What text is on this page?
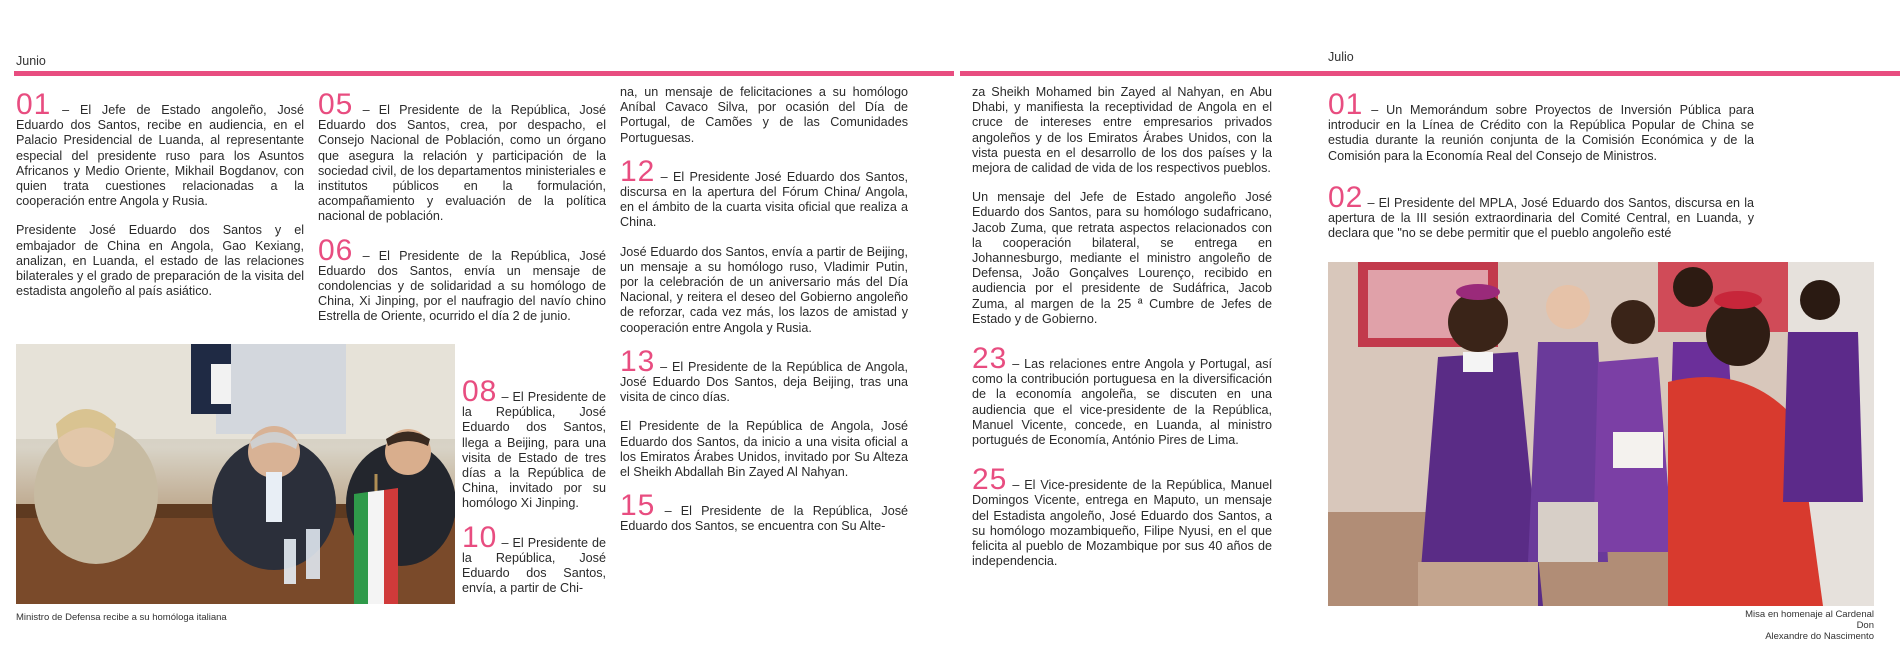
Junio	Julio

01 – El Jefe de Estado angoleño, José Eduardo dos Santos, recibe en audiencia, en el Palacio Presidencial de Luanda, al representante especial del presidente ruso para los Asuntos Africanos y Medio Oriente, Mikhail Bogdanov, con quien trata cuestiones relacionadas a la cooperación entre Angola y Rusia.

Presidente José Eduardo dos Santos y el embajador de China en Angola, Gao Kexiang, analizan, en Luanda, el estado de las relaciones bilaterales y el grado de preparación de la visita del estadista angoleño al país asiático.

Ministro de Defensa recibe a su homóloga italiana

05 – El Presidente de la República, José Eduardo dos Santos, crea, por despacho, el Consejo Nacional de Población, como un órgano que asegura la relación y participación de la sociedad civil, de los departamentos ministeriales e institutos públicos en la formulación, acompañamiento y evaluación de la política nacional de población.

06 – El Presidente de la República, José Eduardo dos Santos, envía un mensaje de condolencias y de solidaridad a su homólogo de China, Xi Jinping, por el naufragio del navío chino Estrella de Oriente, ocurrido el día 2 de junio.

08 – El Presidente de la República, José Eduardo dos Santos, llega a Beijing, para una visita de Estado de tres días a la República de China, invitado por su homólogo Xi Jinping.

10 – El Presidente de la República, José Eduardo dos Santos, envía, a partir de Chi-

na, un mensaje de felicitaciones a su homólogo Aníbal Cavaco Silva, por ocasión del Día de Portugal, de Camões y de las Comunidades Portuguesas.

12 – El Presidente José Eduardo dos Santos, discursa en la apertura del Fórum China/ Angola, en el ámbito de la cuarta visita oficial que realiza a China.

José Eduardo dos Santos, envía a partir de Beijing, un mensaje a su homólogo ruso, Vladimir Putin, por la celebración de un aniversario más del Día Nacional, y reitera el deseo del Gobierno angoleño de reforzar, cada vez más, los lazos de amistad y cooperación entre Angola y Rusia.

13 – El Presidente de la República de Angola, José Eduardo Dos Santos, deja Beijing, tras una visita de cinco días.

El Presidente de la República de Angola, José Eduardo dos Santos, da inicio a una visita oficial a los Emiratos Árabes Unidos, invitado por Su Alteza el Sheikh Abdallah Bin Zayed Al Nahyan.

15 – El Presidente de la República, José Eduardo dos Santos, se encuentra con Su Alte-

za Sheikh Mohamed bin Zayed al Nahyan, en Abu Dhabi, y manifiesta la receptividad de Angola en el cruce de intereses entre empresarios privados angoleños y de los Emiratos Árabes Unidos, con la vista puesta en el desarrollo de los dos países y la mejora de calidad de vida de los respectivos pueblos.

Un mensaje del Jefe de Estado angoleño José Eduardo dos Santos, para su homólogo sudafricano, Jacob Zuma, que retrata aspectos relacionados con la cooperación bilateral, se entrega en Johannesburgo, mediante el ministro angoleño de Defensa, João Gonçalves Lourenço, recibido en audiencia por el presidente de Sudáfrica, Jacob Zuma, al margen de la 25 ª Cumbre de Jefes de Estado y de Gobierno.

23 – Las relaciones entre Angola y Portugal, así como la contribución portuguesa en la diversificación de la economía angoleña, se discuten en una audiencia que el vice-presidente de la República, Manuel Vicente, concede, en Luanda, al ministro portugués de Economía, António Pires de Lima.

25 – El Vice-presidente de la República, Manuel Domingos Vicente, entrega en Maputo, un mensaje del Estadista angoleño, José Eduardo dos Santos, a su homólogo mozambiqueño, Filipe Nyusi, en el que felicita al pueblo de Mozambique por sus 40 años de independencia.

01 – Un Memorándum sobre Proyectos de Inversión Pública para introducir en la Línea de Crédito con la República Popular de China se estudia durante la reunión conjunta de la Comisión Económica y de la Comisión para la Economía Real del Consejo de Ministros.

02 – El Presidente del MPLA, José Eduardo dos Santos, discursa en la apertura de la III sesión extraordinaria del Comité Central, en Luanda, y declara que "no se debe permitir que el pueblo angoleño esté

Misa en homenaje al Cardenal
Don
Alexandre do Nascimento
